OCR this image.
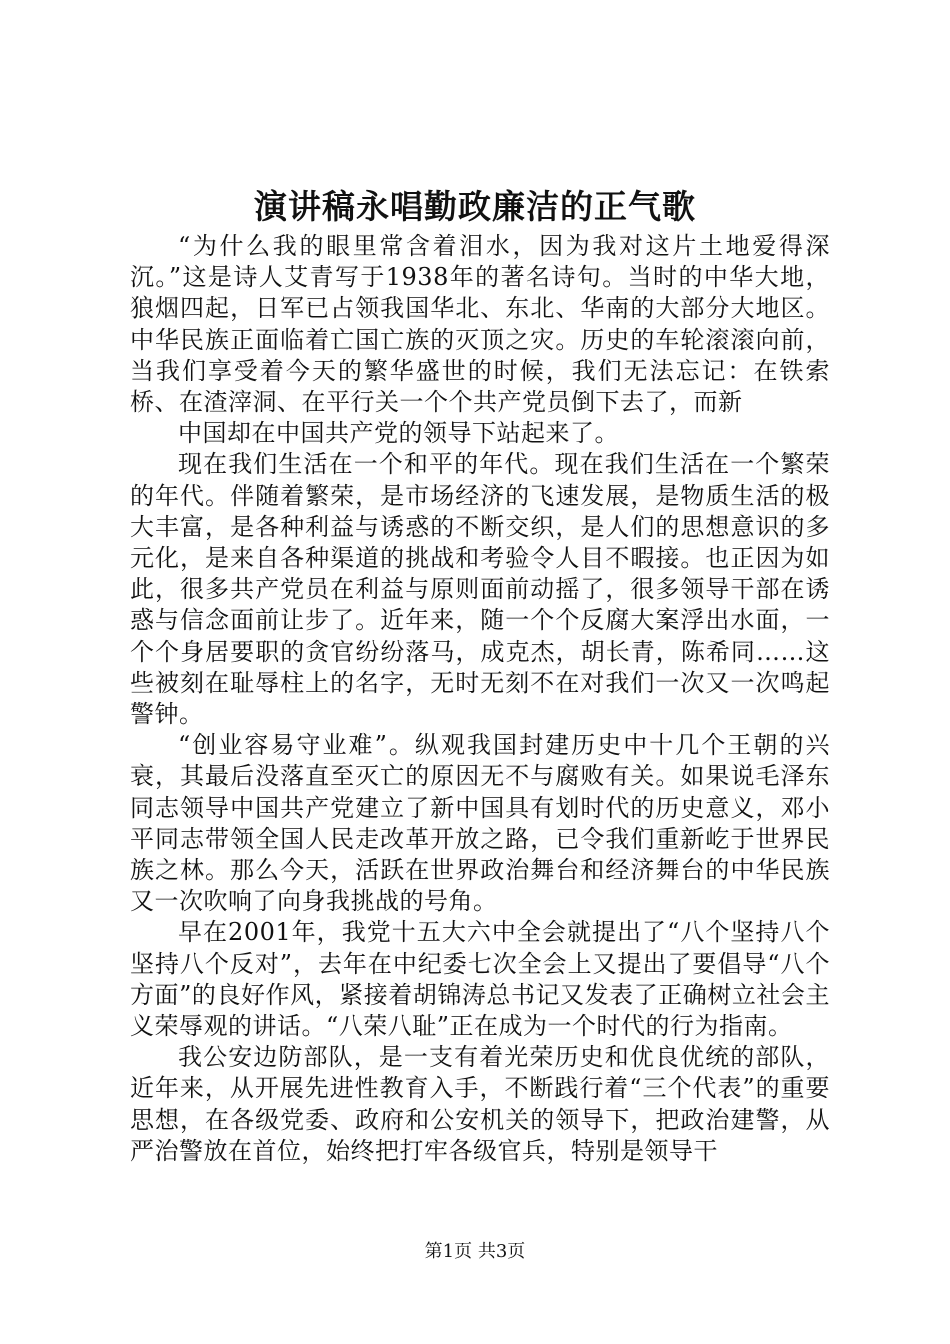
演讲稿永唱勤政廉洁的正气歌

“为什么我的眼里常含着泪水，因为我对这片土地爱得深沉。”这是诗人艾青写于1938年的著名诗句。当时的中华大地，狼烟四起，日军已占领我国华北、东北、华南的大部分大地区。中华民族正面临着亡国亡族的灭顶之灾。历史的车轮滚滚向前，当我们享受着今天的繁华盛世的时候，我们无法忘记：在铁索桥、在渣滓洞、在平行关一个个共产党员倒下去了，而新

中国却在中国共产党的领导下站起来了。

现在我们生活在一个和平的年代。现在我们生活在一个繁荣的年代。伴随着繁荣，是市场经济的飞速发展，是物质生活的极大丰富，是各种利益与诱惑的不断交织，是人们的思想意识的多元化，是来自各种渠道的挑战和考验令人目不暇接。也正因为如此，很多共产党员在利益与原则面前动摇了，很多领导干部在诱惑与信念面前让步了。近年来，随一个个反腐大案浮出水面，一个个身居要职的贪官纷纷落马，成克杰，胡长青，陈希同……这些被刻在耻辱柱上的名字，无时无刻不在对我们一次又一次鸣起警钟。

“创业容易守业难”。纵观我国封建历史中十几个王朝的兴衰，其最后没落直至灭亡的原因无不与腐败有关。如果说毛泽东同志领导中国共产党建立了新中国具有划时代的历史意义，邓小平同志带领全国人民走改革开放之路，已令我们重新屹于世界民族之林。那么今天，活跃在世界政治舞台和经济舞台的中华民族又一次吹响了向身我挑战的号角。

早在2001年，我党十五大六中全会就提出了“八个坚持八个坚持八个反对”，去年在中纪委七次全会上又提出了要倡导“八个方面”的良好作风，紧接着胡锦涛总书记又发表了正确树立社会主义荣辱观的讲话。“八荣八耻”正在成为一个时代的行为指南。

我公安边防部队，是一支有着光荣历史和优良优统的部队，近年来，从开展先进性教育入手，不断践行着“三个代表”的重要思想，在各级党委、政府和公安机关的领导下，把政治建警，从严治警放在首位，始终把打牢各级官兵，特别是领导干

第1页 共3页
